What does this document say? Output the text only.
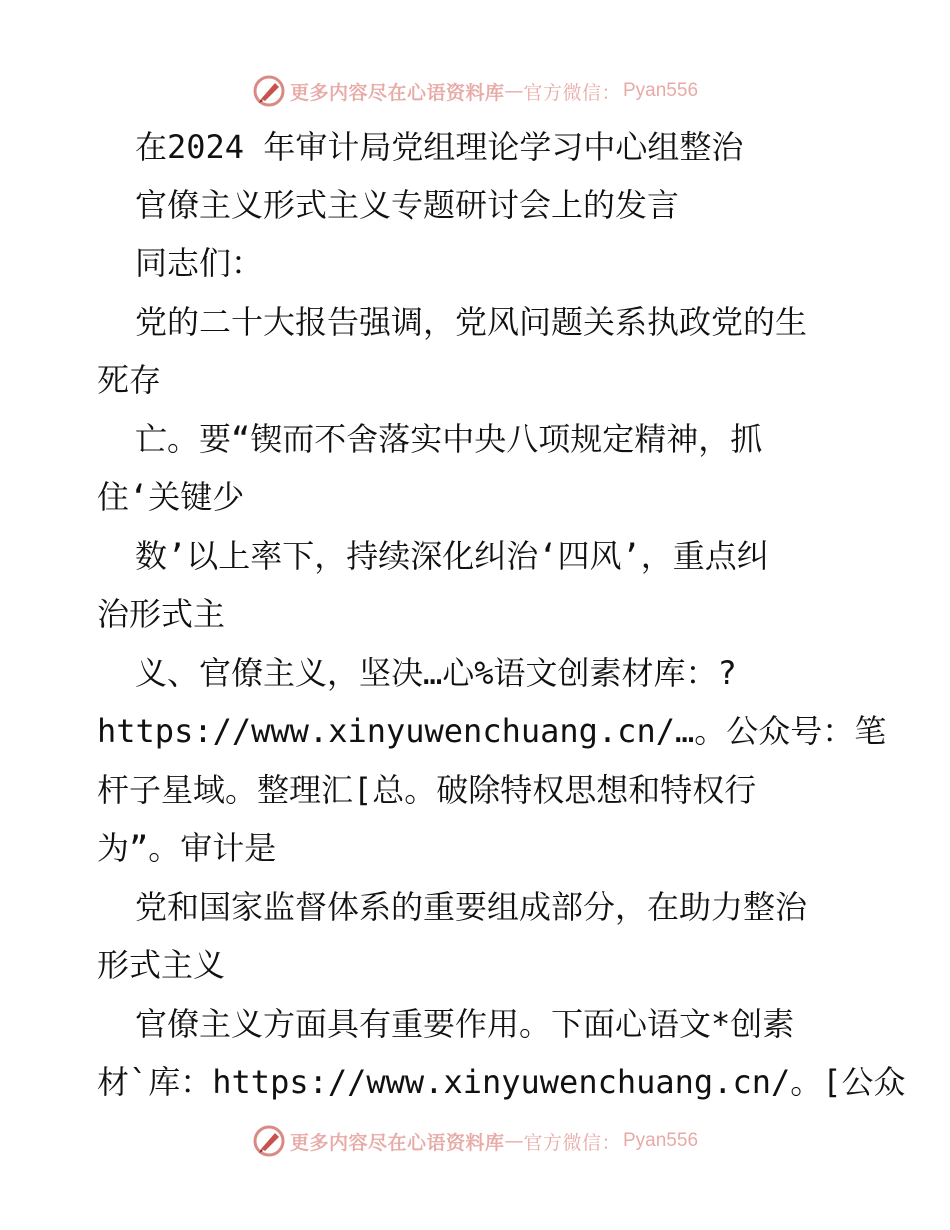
更多内容尽在心语资料库 — 官方微信： Pyan556
在2024 年审计局党组理论学习中心组整治
官僚主义形式主义专题研讨会上的发言
同志们：
党的二十大报告强调，党风问题关系执政党的生
死存
亡。要“锲而不舍落实中央八项规定精神，抓
住‘关键少
数’以上率下，持续深化纠治‘四风’，重点纠
治形式主
义、官僚主义，坚决…心%语文创素材库：?
https://www.xinyuwenchuang.cn/…。公众号：笔
杆子星域。整理汇[总。破除特权思想和特权行
为”。审计是
党和国家监督体系的重要组成部分，在助力整治
形式主义
官僚主义方面具有重要作用。下面心语文*创素
材`库：https://www.xinyuwenchuang.cn/。[公众
更多内容尽在心语资料库 — 官方微信： Pyan556
